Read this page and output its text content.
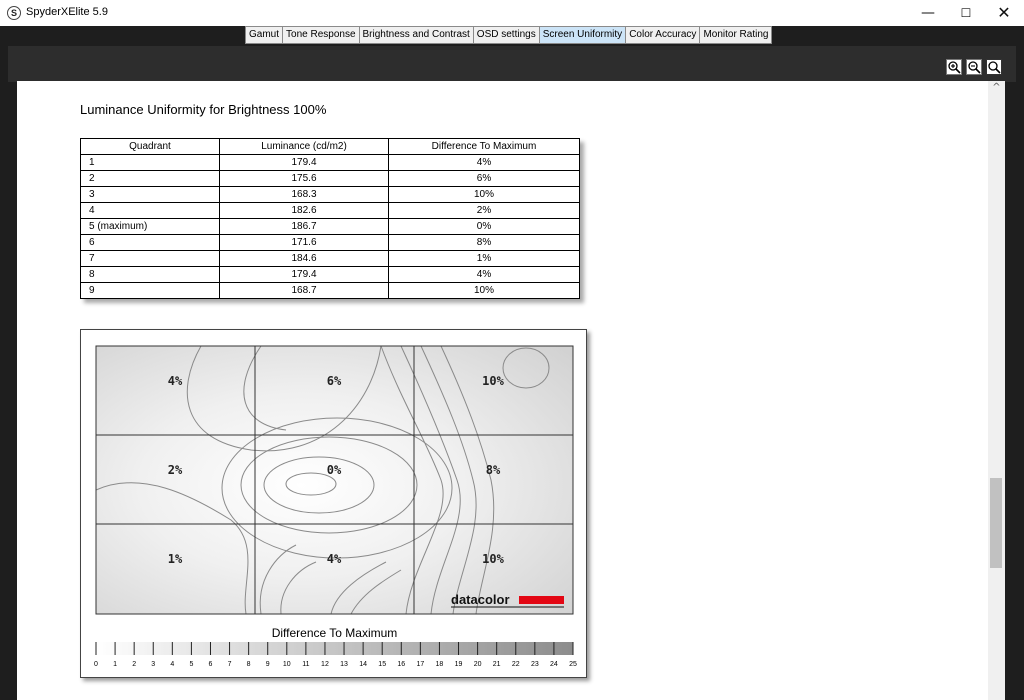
S SpyderXElite 5.9	—	☐	✕
Gamut Tone Response Brightness and Contrast OSD settings Screen Uniformity Color Accuracy Monitor Rating
^
Luminance Uniformity for Brightness 100%
Quadrant	Luminance (cd/m2)	Difference To Maximum
1	179.4	4%
2	175.6	6%
3	168.3	10%
4	182.6	2%
5 (maximum)	186.7	0%
6	171.6	8%
7	184.6	1%
8	179.4	4%
9	168.7	10%
4%	6%	10%
2%	0%	8%
1%	4%	10%
datacolor
0 1 2 3 4 5 6 7 8 9 10 11 12 13 14 15 16 17 18 19 20 21 22 23 24 25
Difference To Maximum
